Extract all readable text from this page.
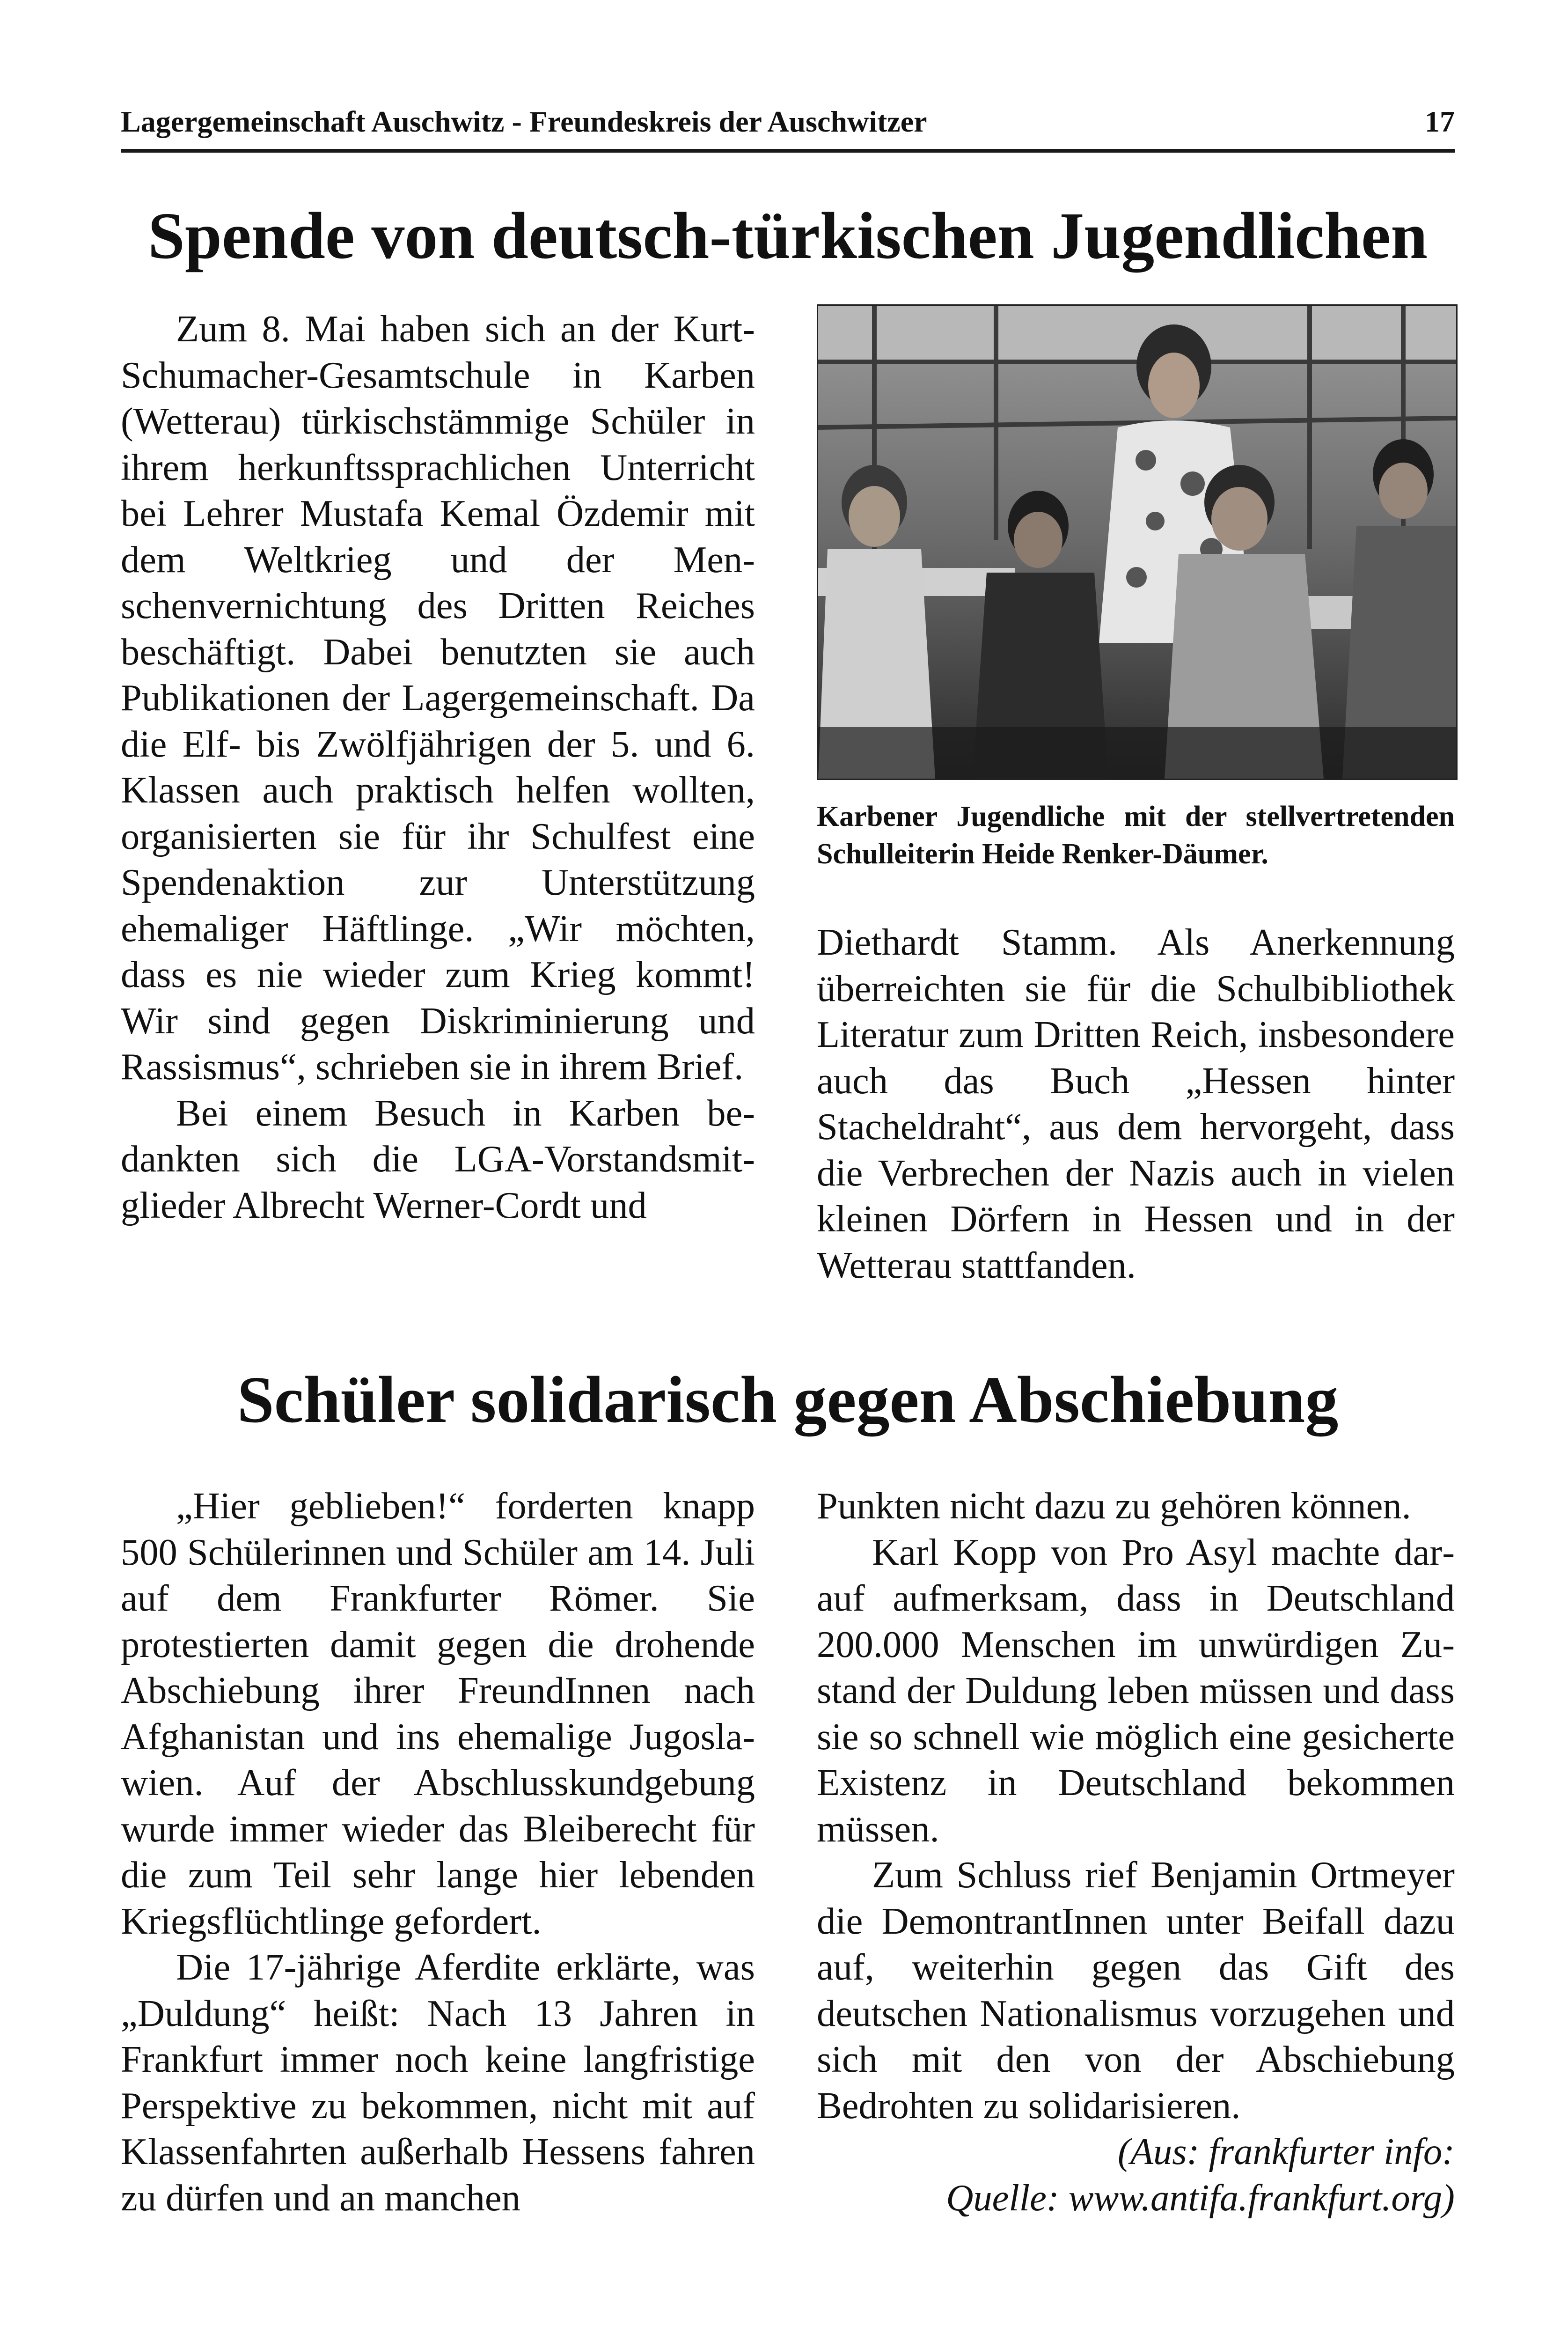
Lagergemeinschaft Auschwitz - Freundeskreis der Auschwitzer	17
Spende von deutsch-türkischen Jugendlichen

Zum 8. Mai haben sich an der Kurt-Schumacher-Gesamtschule in Karben (Wetterau) türkischstämmige Schüler in ihrem herkunftssprachlichen Unterricht bei Lehrer Mustafa Kemal Özdemir mit dem Weltkrieg und der Menschenvernichtung des Dritten Reiches beschäftigt. Dabei benutzten sie auch Publikationen der Lagergemeinschaft. Da die Elf- bis Zwölfjährigen der 5. und 6. Klassen auch praktisch helfen wollten, organisierten sie für ihr Schulfest eine Spendenaktion zur Unterstützung ehemaliger Häftlinge. „Wir möchten, dass es nie wieder zum Krieg kommt! Wir sind gegen Diskriminierung und Rassismus“, schrieben sie in ihrem Brief.

Bei einem Besuch in Karben bedankten sich die LGA-Vorstandsmitglieder Albrecht Werner-Cordt und

Karbener Jugendliche mit der stellvertretenden Schulleiterin Heide Renker-Däumer.

Diethardt Stamm. Als Anerkennung überreichten sie für die Schulbibliothek Literatur zum Dritten Reich, insbesondere auch das Buch „Hessen hinter Stacheldraht“, aus dem hervorgeht, dass die Verbrechen der Nazis auch in vielen kleinen Dörfern in Hessen und in der Wetterau stattfanden.

Schüler solidarisch gegen Abschiebung

„Hier geblieben!“ forderten knapp 500 Schülerinnen und Schüler am 14. Juli auf dem Frankfurter Römer. Sie protestierten damit gegen die drohende Abschiebung ihrer FreundInnen nach Afghanistan und ins ehemalige Jugoslawien. Auf der Abschlusskundgebung wurde immer wieder das Bleiberecht für die zum Teil sehr lange hier lebenden Kriegsflüchtlinge gefordert.

Die 17-jährige Aferdite erklärte, was „Duldung“ heißt: Nach 13 Jahren in Frankfurt immer noch keine langfristige Perspektive zu bekommen, nicht mit auf Klassenfahrten außerhalb Hessens fahren zu dürfen und an manchen

Punkten nicht dazu zu gehören können.

Karl Kopp von Pro Asyl machte darauf aufmerksam, dass in Deutschland 200.000 Menschen im unwürdigen Zustand der Duldung leben müssen und dass sie so schnell wie möglich eine gesicherte Existenz in Deutschland bekommen müssen.

Zum Schluss rief Benjamin Ortmeyer die DemontrantInnen unter Beifall dazu auf, weiterhin gegen das Gift des deutschen Nationalismus vorzugehen und sich mit den von der Abschiebung Bedrohten zu solidarisieren.

(Aus: frankfurter info:

Quelle: www.antifa.frankfurt.org)
